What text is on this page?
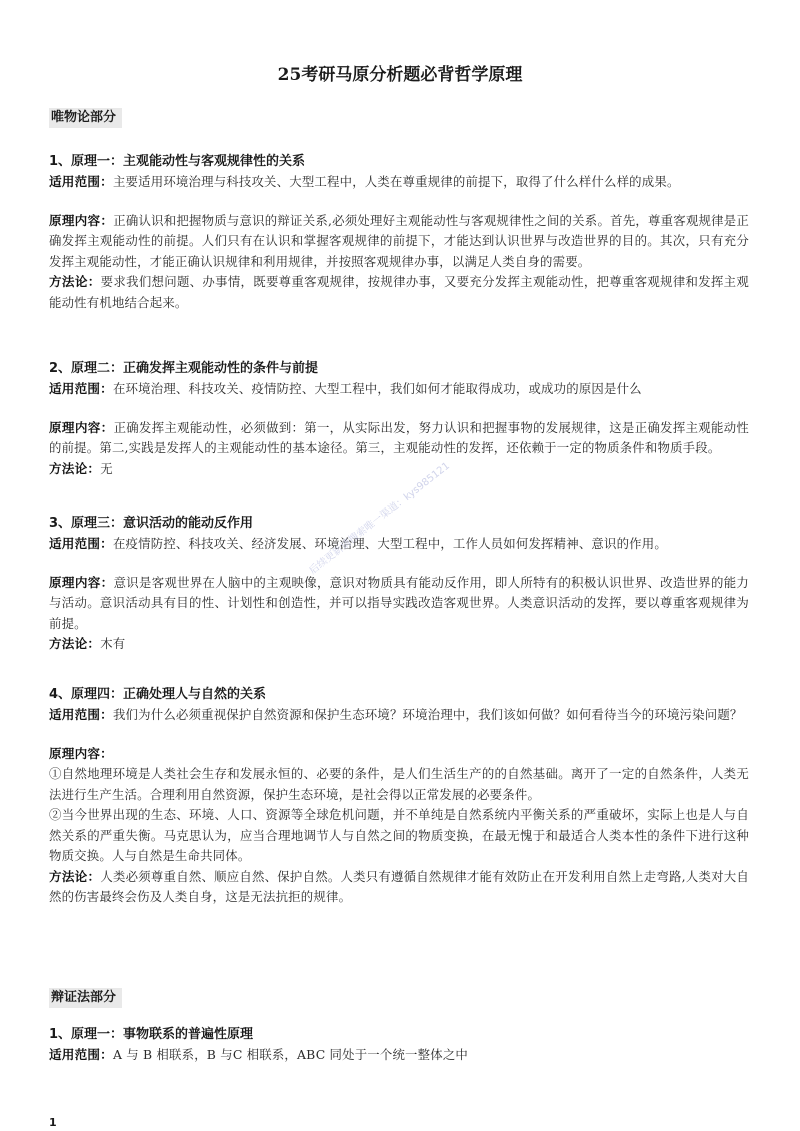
25考研马原分析题必背哲学原理
唯物论部分
1、原理一：主观能动性与客观规律性的关系
适用范围：主要适用环境治理与科技攻关、大型工程中，人类在尊重规律的前提下，取得了什么样什么样的成果。
原理内容：正确认识和把握物质与意识的辩证关系,必须处理好主观能动性与客观规律性之间的关系。首先，尊重客观规律是正确发挥主观能动性的前提。人们只有在认识和掌握客观规律的前提下，才能达到认识世界与改造世界的目的。其次，只有充分发挥主观能动性，才能正确认识规律和利用规律，并按照客观规律办事，以满足人类自身的需要。
方法论：要求我们想问题、办事情，既要尊重客观规律，按规律办事，又要充分发挥主观能动性，把尊重客观规律和发挥主观能动性有机地结合起来。
2、原理二：正确发挥主观能动性的条件与前提
适用范围：在环境治理、科技攻关、疫情防控、大型工程中，我们如何才能取得成功，或成功的原因是什么
原理内容：正确发挥主观能动性，必须做到：第一，从实际出发，努力认识和把握事物的发展规律，这是正确发挥主观能动性的前提。第二,实践是发挥人的主观能动性的基本途径。第三，主观能动性的发挥，还依赖于一定的物质条件和物质手段。
方法论：无
3、原理三：意识活动的能动反作用
适用范围：在疫情防控、科技攻关、经济发展、环境治理、大型工程中，工作人员如何发挥精神、意识的作用。
原理内容：意识是客观世界在人脑中的主观映像，意识对物质具有能动反作用，即人所特有的积极认识世界、改造世界的能力与活动。意识活动具有目的性、计划性和创造性，并可以指导实践改造客观世界。人类意识活动的发挥，要以尊重客观规律为前提。
方法论：木有
4、原理四：正确处理人与自然的关系
适用范围：我们为什么必须重视保护自然资源和保护生态环境？环境治理中，我们该如何做？如何看待当今的环境污染问题？
原理内容：
①自然地理环境是人类社会生存和发展永恒的、必要的条件，是人们生活生产的的自然基础。离开了一定的自然条件，人类无法进行生产生活。合理利用自然资源，保护生态环境，是社会得以正常发展的必要条件。
②当今世界出现的生态、环境、人口、资源等全球危机问题，并不单纯是自然系统内平衡关系的严重破坏，实际上也是人与自然关系的严重失衡。马克思认为，应当合理地调节人与自然之间的物质变换，在最无愧于和最适合人类本性的条件下进行这种物质交换。人与自然是生命共同体。
方法论：人类必须尊重自然、顺应自然、保护自然。人类只有遵循自然规律才能有效防止在开发利用自然上走弯路,人类对大自然的伤害最终会伤及人类自身，这是无法抗拒的规律。
辩证法部分
1、原理一：事物联系的普遍性原理
适用范围：A 与 B 相联系，B 与C 相联系，ABC 同处于一个统一整体之中
后续更新请搜索唯一渠道：kys985121
1
